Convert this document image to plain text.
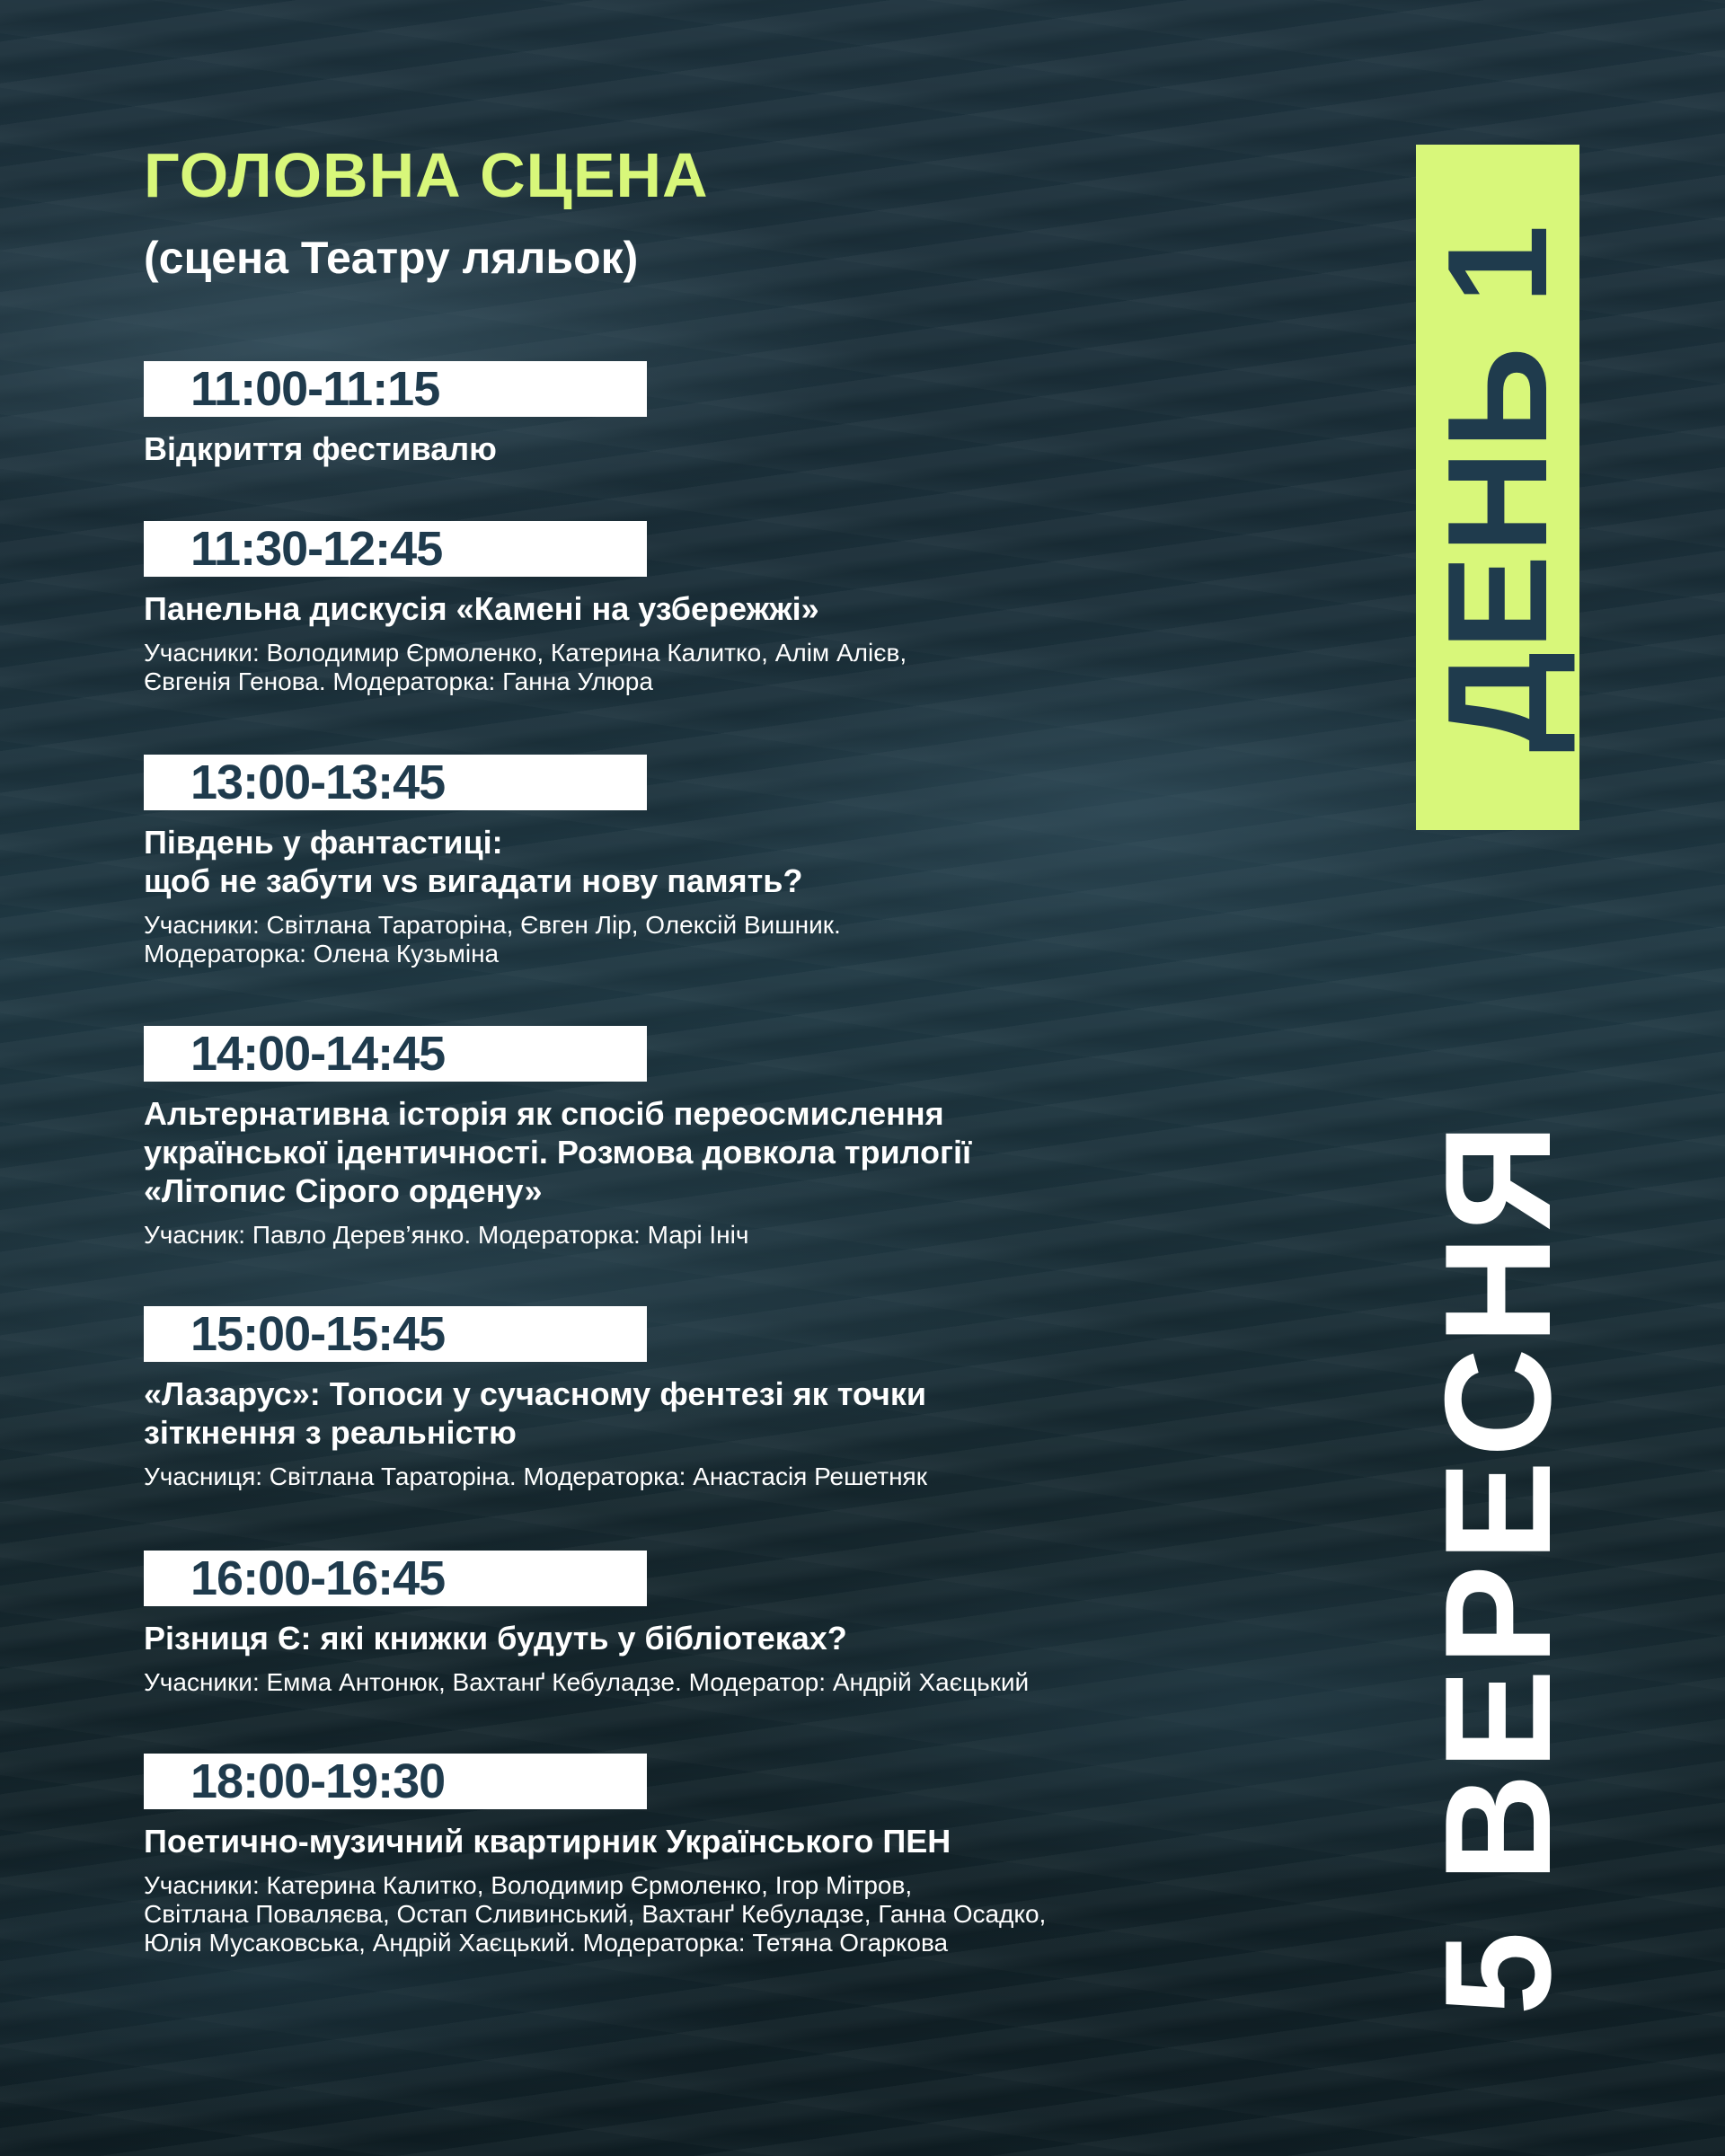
ГОЛОВНА СЦЕНА
(сцена Театру ляльок)
11:00-11:15
Відкриття фестивалю
11:30-12:45
Панельна дискусія «Камені на узбережжі»
Учасники: Володимир Єрмоленко, Катерина Калитко, Алім Алієв,
Євгенія Генова. Модераторка: Ганна Улюра
13:00-13:45
Південь у фантастиці:
щоб не забути vs вигадати нову память?
Учасники: Світлана Тараторіна, Євген Лір, Олексій Вишник.
Модераторка: Олена Кузьміна
14:00-14:45
Альтернативна історія як спосіб переосмислення
української ідентичності. Розмова довкола трилогії
«Літопис Сірого ордену»
Учасник: Павло Дерев’янко. Модераторка: Марі Ініч
15:00-15:45
«Лазарус»: Топоси у сучасному фентезі як точки
зіткнення з реальністю
Учасниця: Світлана Тараторіна. Модераторка: Анастасія Решетняк
16:00-16:45
Різниця Є: які книжки будуть у бібліотеках?
Учасники: Емма Антонюк, Вахтанґ Кебуладзе. Модератор: Андрій Хаєцький
18:00-19:30
Поетично-музичний квартирник Українського ПЕН
Учасники: Катерина Калитко, Володимир Єрмоленко, Ігор Мітров,
Світлана Поваляєва, Остап Сливинський, Вахтанґ Кебуладзе, Ганна Осадко,
Юлія Мусаковська, Андрій Хаєцький. Модераторка: Тетяна Огаркова
ДЕНЬ 1
5 ВЕРЕСНЯ
